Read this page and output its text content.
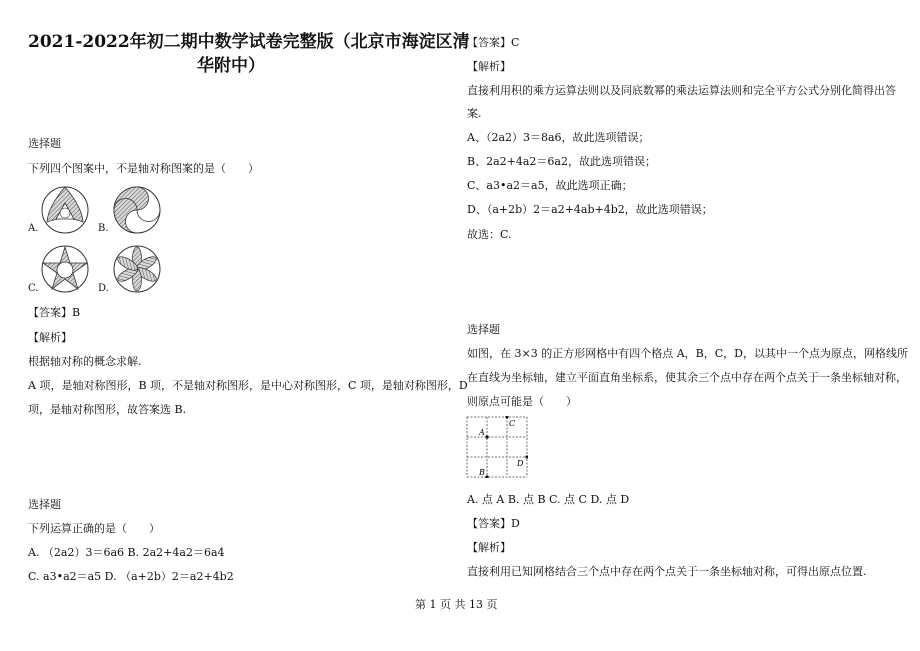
2021-2022年初二期中数学试卷完整版（北京市海淀区清
华附中）
选择题
下列四个图案中，不是轴对称图案的是（　　）
A.	B.
C.	D.
【答案】B
【解析】
根据轴对称的概念求解.
A 项，是轴对称图形，B 项，不是轴对称图形，是中心对称图形，C 项，是轴对称图形，D
项，是轴对称图形，故答案选 B.
选择题
下列运算正确的是（　　）
A. （2a2）3＝6a6 B. 2a2+4a2＝6a4
C. a3•a2＝a5 D. （a+2b）2＝a2+4b2
【答案】C
【解析】
直接利用积的乘方运算法则以及同底数幂的乘法运算法则和完全平方公式分别化简得出答
案.
A、（2a2）3＝8a6，故此选项错误；
B、2a2+4a2＝6a2，故此选项错误；
C、a3•a2＝a5，故此选项正确；
D、（a+2b）2＝a2+4ab+4b2，故此选项错误；
故选：C.
选择题
如图，在 3×3 的正方形网格中有四个格点 A，B，C，D，以其中一个点为原点，网格线所
在直线为坐标轴，建立平面直角坐标系，使其余三个点中存在两个点关于一条坐标轴对称，
则原点可能是（　　）
A
B
C
D
A. 点 A B. 点 B C. 点 C D. 点 D
【答案】D
【解析】
直接利用已知网格结合三个点中存在两个点关于一条坐标轴对称，可得出原点位置.
第 1 页 共 13 页
